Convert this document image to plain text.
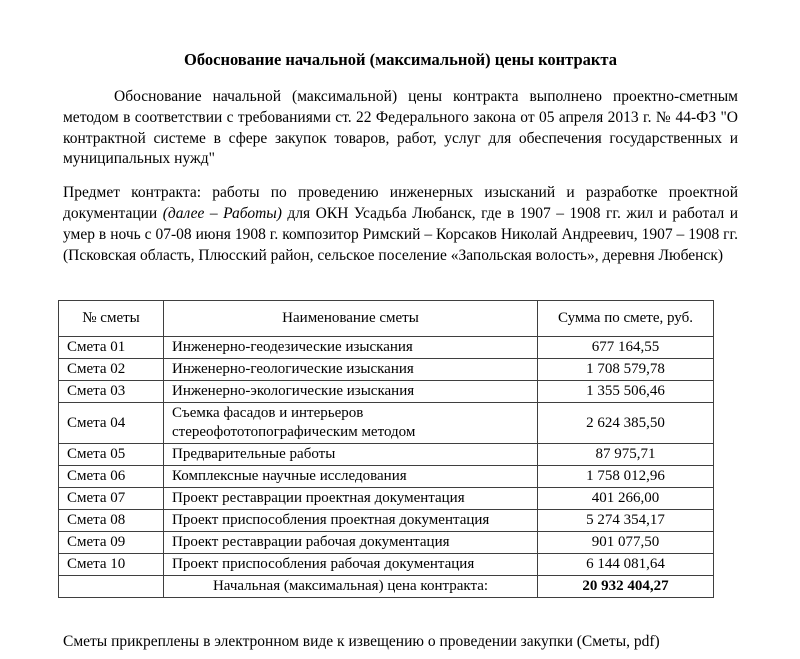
Обоснование начальной (максимальной) цены контракта

Обоснование начальной (максимальной) цены контракта выполнено проектно-сметным методом в соответствии с требованиями ст. 22 Федерального закона от 05 апреля 2013 г. № 44-ФЗ "О контрактной системе в сфере закупок товаров, работ, услуг для обеспечения государственных и муниципальных нужд"

Предмет контракта: работы по проведению инженерных изысканий и разработке проектной документации (далее – Работы) для ОКН Усадьба Любанск, где в 1907 – 1908 гг. жил и работал и умер в ночь с 07-08 июня 1908 г. композитор Римский – Корсаков Николай Андреевич, 1907 – 1908 гг. (Псковская область, Плюсский район, сельское поселение «Запольская волость», деревня Любенск)

№ сметы	Наименование сметы	Сумма по смете, руб.
Смета 01	Инженерно-геодезические изыскания	677 164,55
Смета 02	Инженерно-геологические изыскания	1 708 579,78
Смета 03	Инженерно-экологические изыскания	1 355 506,46
Смета 04	Съемка фасадов и интерьеров стереофототопографическим методом	2 624 385,50
Смета 05	Предварительные работы	87 975,71
Смета 06	Комплексные научные исследования	1 758 012,96
Смета 07	Проект реставрации проектная документация	401 266,00
Смета 08	Проект приспособления проектная документация	5 274 354,17
Смета 09	Проект реставрации рабочая документация	901 077,50
Смета 10	Проект приспособления рабочая документация	6 144 081,64
	Начальная (максимальная) цена контракта:	20 932 404,27

Сметы прикреплены в электронном виде к извещению о проведении закупки (Сметы, pdf)
